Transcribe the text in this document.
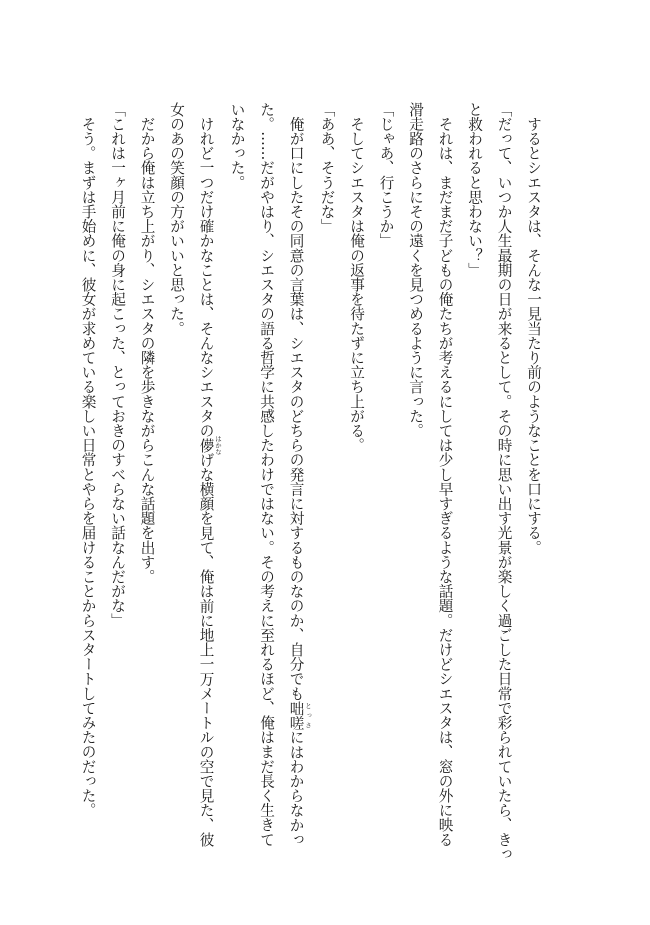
　するとシエスタは、そんな一見当たり前のようなことを口にする。
「だって、いつか人生最期の日が来るとして。その時に思い出す光景が楽しく過ごした日常で彩られていたら、きっ
と救われると思わない？」
　それは、まだまだ子どもの俺たちが考えるにしては少し早すぎるような話題。だけどシエスタは、窓の外に映る
滑走路のさらにその遠くを見つめるように言った。
「じゃあ、行こうか」
　そしてシエスタは俺の返事を待たずに立ち上がる。
「ああ、そうだな」
　俺が口にしたその同意の言葉は、シエスタのどちらの発言に対するものなのか、自分でも咄嗟 とっさにはわからなかっ
た。……だがやはり、シエスタの語る哲学に共感したわけではない。その考えに至れるほど、俺はまだ長く生きて
いなかった。
　けれど一つだけ確かなことは、そんなシエスタの儚 はかなげな横顔を見て、俺は前に地上一万メートルの空で見た、彼
女のあの笑顔の方がいいと思った。
　だから俺は立ち上がり、シエスタの隣を歩きながらこんな話題を出す。
「これは一ヶ月前に俺の身に起こった、とっておきのすべらない話なんだがな」
　そう。まずは手始めに、彼女が求めている楽しい日常とやらを届けることからスタートしてみたのだった。
